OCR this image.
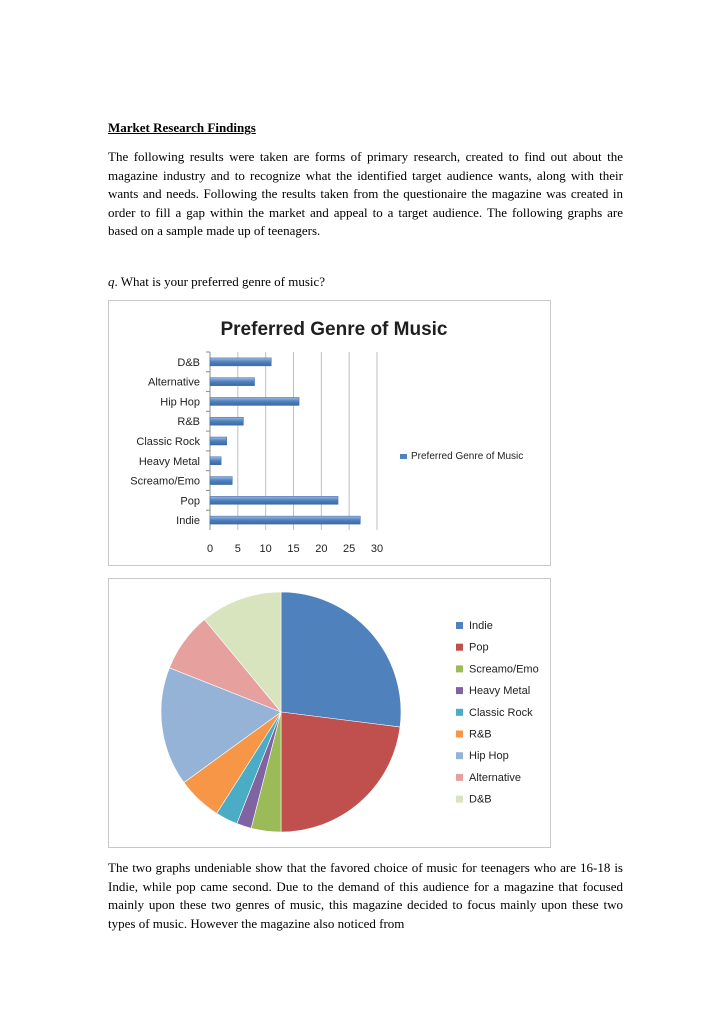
Market Research Findings
The following results were taken are forms of primary research, created to find out about the magazine industry and to recognize what the identified target audience wants, along with their wants and needs. Following the results taken from the questionaire the magazine was created in order to fill a gap within the market and appeal to a target audience. The following graphs are based on a sample made up of teenagers.
q. What is your preferred genre of music?
Preferred Genre of Music
0 5 10 15 20 25 30
D&B
Alternative
Hip Hop
R&B
Classic Rock
Heavy Metal
Screamo/Emo
Pop
Indie
Preferred Genre of Music
Indie
Pop
Screamo/Emo
Heavy Metal
Classic Rock
R&B
Hip Hop
Alternative
D&B
The two graphs undeniable show that the favored choice of music for teenagers who are 16-18 is Indie, while pop came second. Due to the demand of this audience for a magazine that focused mainly upon these two genres of music, this magazine decided to focus mainly upon these two types of music. However the magazine also noticed from
